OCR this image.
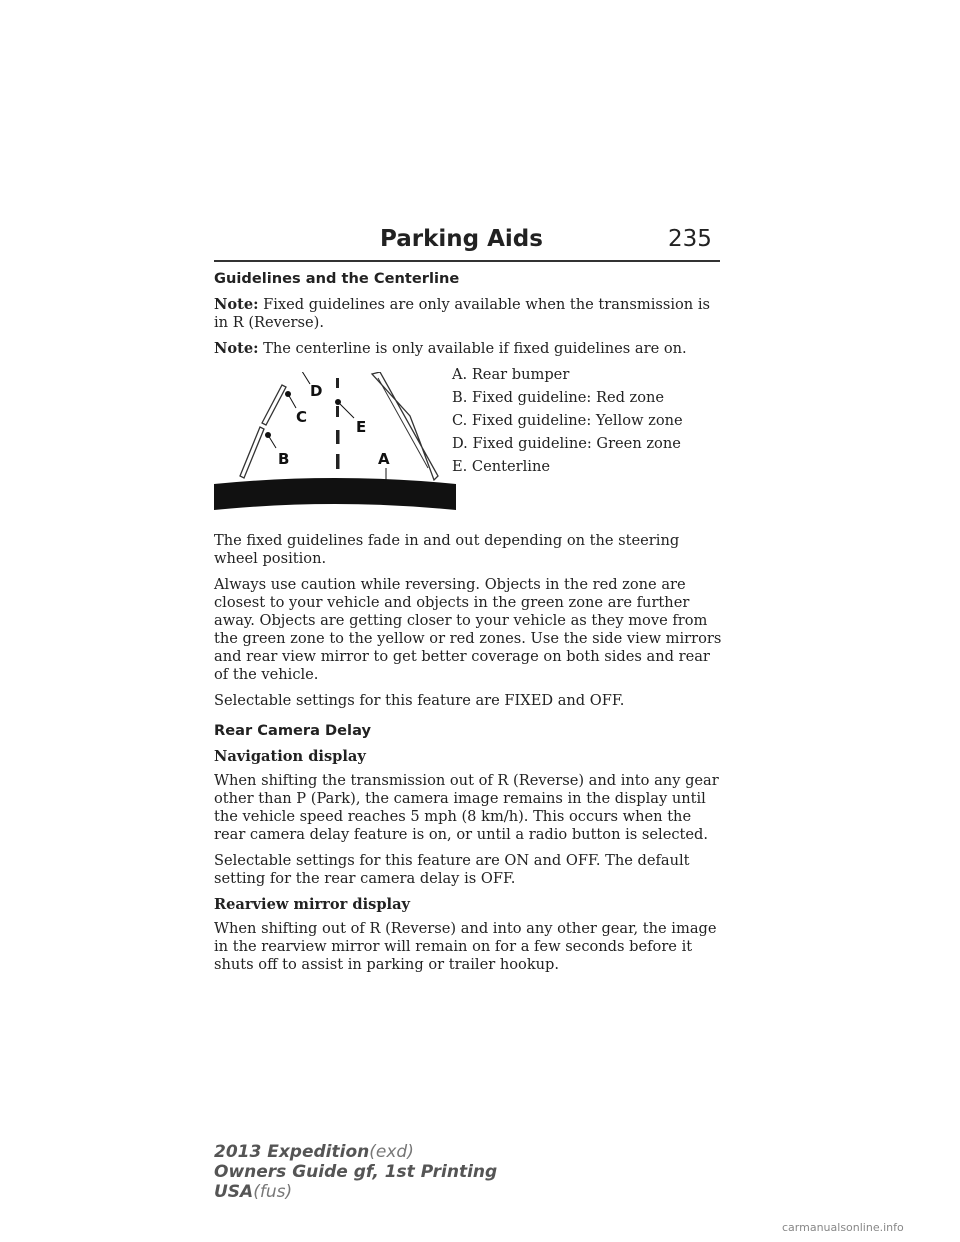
Parking Aids	235
Guidelines and the Centerline

Note: Fixed guidelines are only available when the transmission is in R (Reverse).

Note: The centerline is only available if fixed guidelines are on.

D
C
B
E
A
A. Rear bumper
B. Fixed guideline: Red zone
C. Fixed guideline: Yellow zone
D. Fixed guideline: Green zone
E. Centerline

The fixed guidelines fade in and out depending on the steering wheel position.

Always use caution while reversing. Objects in the red zone are closest to your vehicle and objects in the green zone are further away. Objects are getting closer to your vehicle as they move from the green zone to the yellow or red zones. Use the side view mirrors and rear view mirror to get better coverage on both sides and rear of the vehicle.

Selectable settings for this feature are FIXED and OFF.

Rear Camera Delay
Navigation display

When shifting the transmission out of R (Reverse) and into any gear other than P (Park), the camera image remains in the display until the vehicle speed reaches 5 mph (8 km/h). This occurs when the rear camera delay feature is on, or until a radio button is selected.

Selectable settings for this feature are ON and OFF. The default setting for the rear camera delay is OFF.

Rearview mirror display

When shifting out of R (Reverse) and into any other gear, the image in the rearview mirror will remain on for a few seconds before it shuts off to assist in parking or trailer hookup.

2013 Expedition(exd)
Owners Guide gf, 1st Printing
USA(fus)
carmanualsonline.info
